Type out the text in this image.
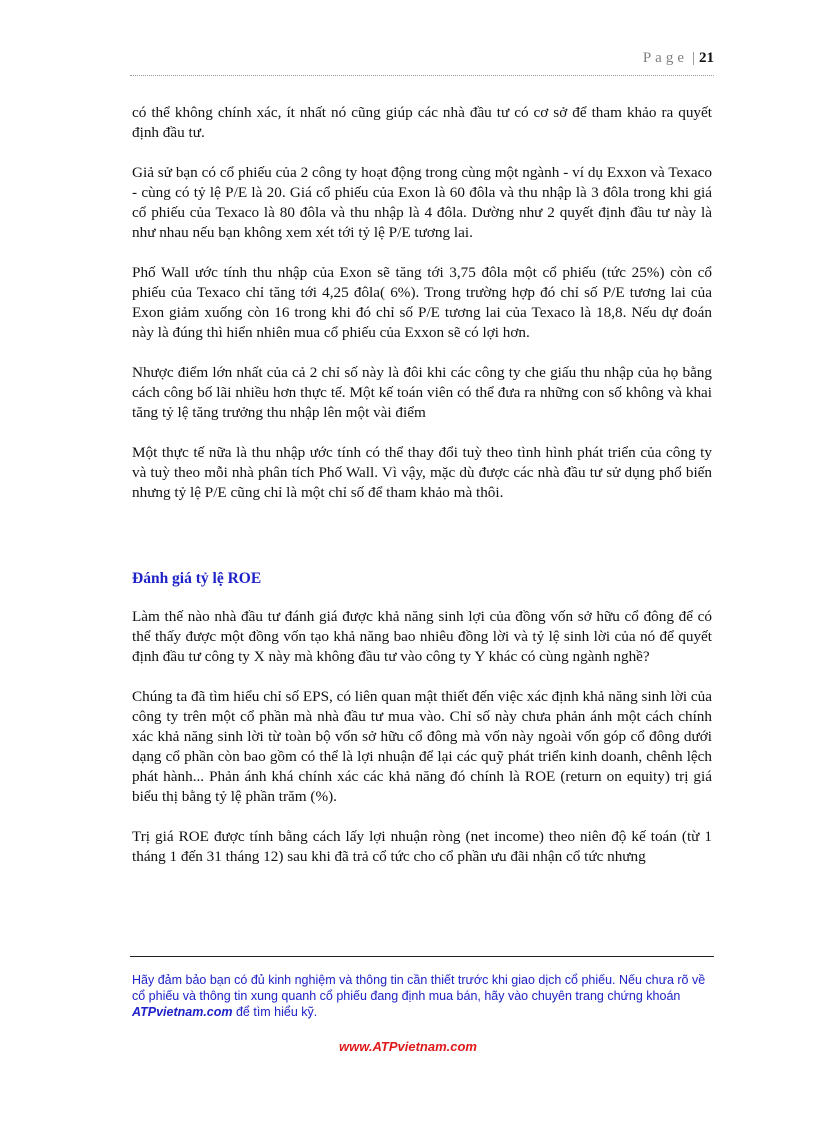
Page | 21

có thể không chính xác, ít nhất nó cũng giúp các nhà đầu tư có cơ sở để tham khảo ra quyết định đầu tư.

Giả sử bạn có cổ phiếu của 2 công ty hoạt động trong cùng một ngành - ví dụ Exxon và Texaco - cùng có tỷ lệ P/E là 20. Giá cổ phiếu của Exon là 60 đôla và thu nhập là 3 đôla trong khi giá cổ phiếu của Texaco là 80 đôla và thu nhập là 4 đôla. Dường như 2 quyết định đầu tư này là như nhau nếu bạn không xem xét tới tỷ lệ P/E tương lai.

Phố Wall ước tính thu nhập của Exon sẽ tăng tới 3,75 đôla một cổ phiếu (tức 25%) còn cổ phiếu của Texaco chỉ tăng tới 4,25 đôla( 6%). Trong trường hợp đó chỉ số P/E tương lai của Exon giảm xuống còn 16 trong khi đó chỉ số P/E tương lai của Texaco là 18,8. Nếu dự đoán này là đúng thì hiển nhiên mua cổ phiếu của Exxon sẽ có lợi hơn.

Nhược điểm lớn nhất của cả 2 chỉ số này là đôi khi các công ty che giấu thu nhập của họ bằng cách công bố lãi nhiều hơn thực tế. Một kế toán viên có thể đưa ra những con số không và khai tăng tỷ lệ tăng trưởng thu nhập lên một vài điểm

Một thực tế nữa là thu nhập ước tính có thể thay đổi tuỳ theo tình hình phát triển của công ty và tuỳ theo mỗi nhà phân tích Phố Wall. Vì vậy, mặc dù được các nhà đầu tư sử dụng phổ biến nhưng tỷ lệ P/E cũng chỉ là một chỉ số để tham khảo mà thôi.

Đánh giá tỷ lệ ROE

Làm thế nào nhà đầu tư đánh giá được khả năng sinh lợi của đồng vốn sở hữu cổ đông để có thể thấy được một đồng vốn tạo khả năng bao nhiêu đồng lời và tỷ lệ sinh lời của nó để quyết định đầu tư công ty X này mà không đầu tư vào công ty Y khác có cùng ngành nghề?

Chúng ta đã tìm hiểu chỉ số EPS, có liên quan mật thiết đến việc xác định khả năng sinh lời của công ty trên một cổ phần mà nhà đầu tư mua vào. Chỉ số này chưa phản ánh một cách chính xác khả năng sinh lời từ toàn bộ vốn sở hữu cổ đông mà vốn này ngoài vốn góp cổ đông dưới dạng cổ phần còn bao gồm có thể là lợi nhuận để lại các quỹ phát triển kinh doanh, chênh lệch phát hành... Phản ánh khá chính xác các khả năng đó chính là ROE (return on equity) trị giá biểu thị bằng tỷ lệ phần trăm (%).

Trị giá ROE được tính bằng cách lấy lợi nhuận ròng (net income) theo niên độ kế toán (từ 1 tháng 1 đến 31 tháng 12) sau khi đã trả cổ tức cho cổ phần ưu đãi nhận cổ tức nhưng

Hãy đảm bảo bạn có đủ kinh nghiệm và thông tin cần thiết trước khi giao dịch cổ phiếu. Nếu chưa rõ về cổ phiếu và thông tin xung quanh cổ phiếu đang định mua bán, hãy vào chuyên trang chứng khoán ATPvietnam.com để tìm hiểu kỹ.
www.ATPvietnam.com
